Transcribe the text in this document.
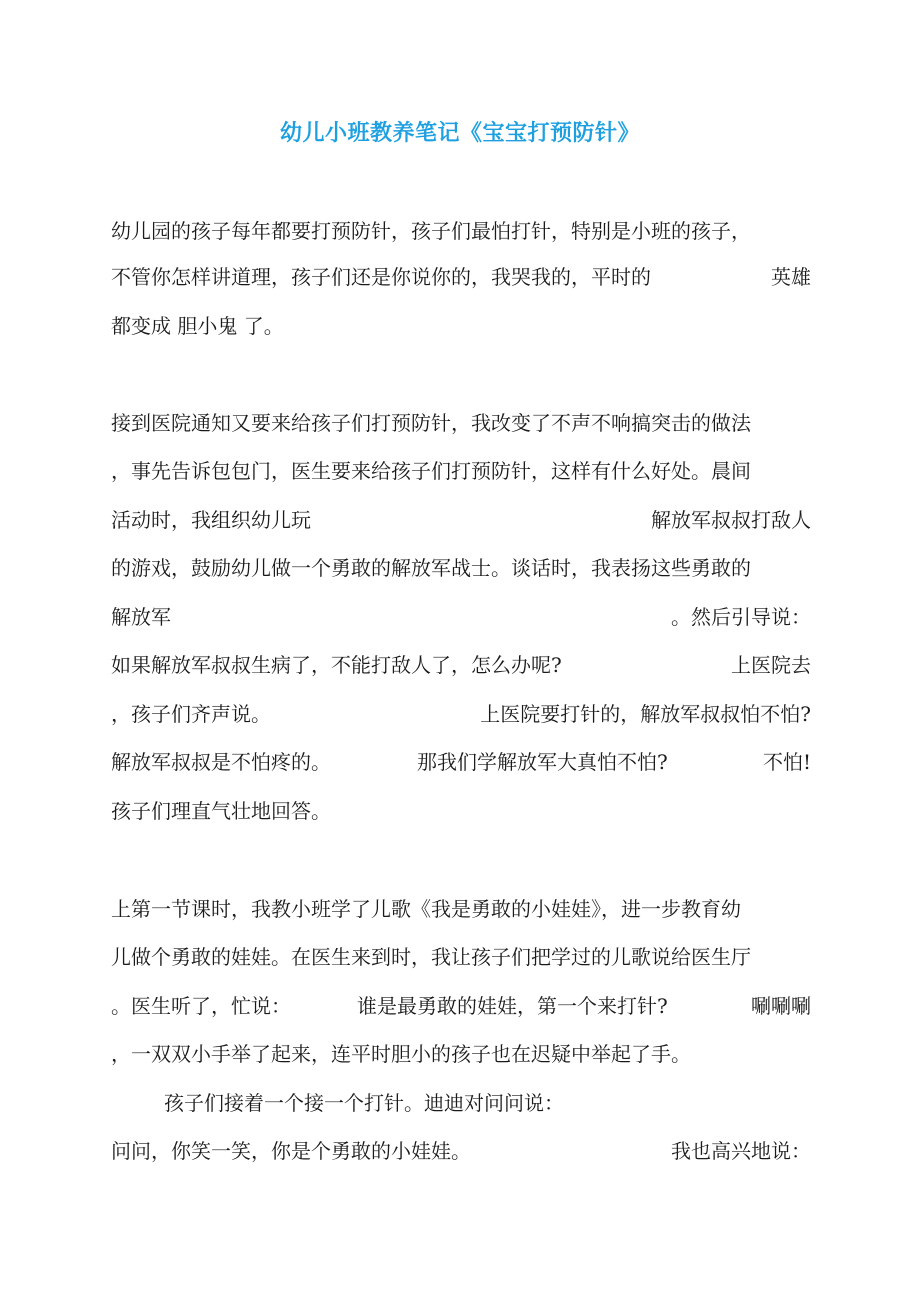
幼儿小班教养笔记《宝宝打预防针》
幼儿园的孩子每年都要打预防针，孩子们最怕打针，特别是小班的孩子，
不管你怎样讲道理，孩子们还是你说你的，我哭我的，平时的	英雄
都变成 胆小鬼 了。
接到医院通知又要来给孩子们打预防针，我改变了不声不响搞突击的做法
，事先告诉包包门，医生要来给孩子们打预防针，这样有什么好处。晨间
活动时，我组织幼儿玩	解放军叔叔打敌人
的游戏，鼓励幼儿做一个勇敢的解放军战士。谈话时，我表扬这些勇敢的
解放军	。然后引导说：
如果解放军叔叔生病了，不能打敌人了，怎么办呢?	上医院去
，孩子们齐声说。	上医院要打针的，解放军叔叔怕不怕?
解放军叔叔是不怕疼的。	那我们学解放军大真怕不怕?	不怕!
孩子们理直气壮地回答。
上第一节课时，我教小班学了儿歌《我是勇敢的小娃娃》，进一步教育幼
儿做个勇敢的娃娃。在医生来到时，我让孩子们把学过的儿歌说给医生厅
。医生听了，忙说：	谁是最勇敢的娃娃，第一个来打针?	唰唰唰
，一双双小手举了起来，连平时胆小的孩子也在迟疑中举起了手。
孩子们接着一个接一个打针。迪迪对问问说：
问问，你笑一笑，你是个勇敢的小娃娃。	我也高兴地说：
